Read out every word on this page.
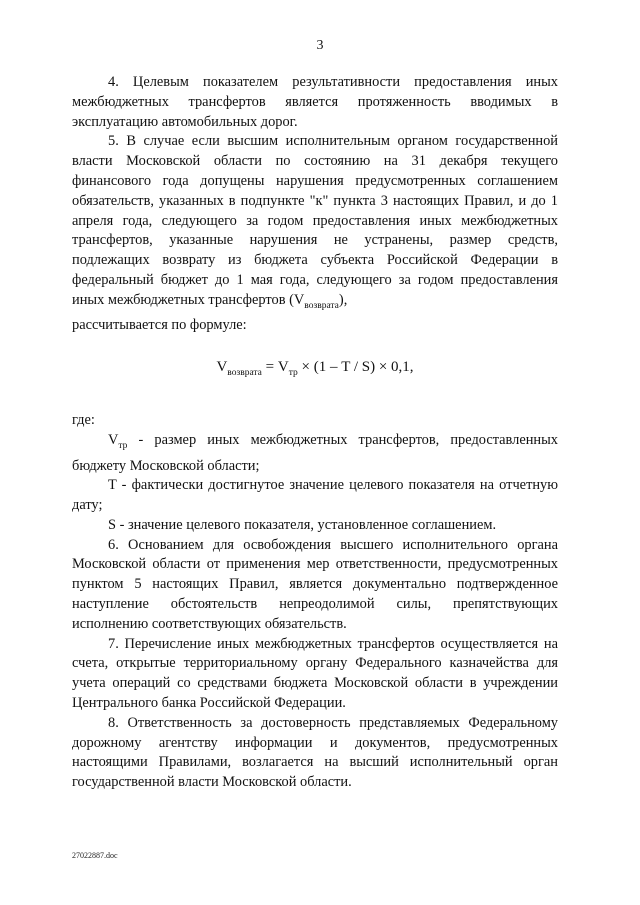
3

4. Целевым показателем результативности предоставления иных межбюджетных трансфертов является протяженность вводимых в эксплуатацию автомобильных дорог.

5. В случае если высшим исполнительным органом государственной власти Московской области по состоянию на 31 декабря текущего финансового года допущены нарушения предусмотренных соглашением обязательств, указанных в подпункте "к" пункта 3 настоящих Правил, и до 1 апреля года, следующего за годом предоставления иных межбюджетных трансфертов, указанные нарушения не устранены, размер средств, подлежащих возврату из бюджета субъекта Российской Федерации в федеральный бюджет до 1 мая года, следующего за годом предоставления иных межбюджетных трансфертов $(V_{возврата})$,

рассчитывается по формуле:

$V_{возврата} = V_{тр} \times (1 - T / S) \times 0,1$,

где:

$V_{тр}$ - размер иных межбюджетных трансфертов, предоставленных бюджету Московской области;

T - фактически достигнутое значение целевого показателя на отчетную дату;

S - значение целевого показателя, установленное соглашением.

6. Основанием для освобождения высшего исполнительного органа Московской области от применения мер ответственности, предусмотренных пунктом 5 настоящих Правил, является документально подтвержденное наступление обстоятельств непреодолимой силы, препятствующих исполнению соответствующих обязательств.

7. Перечисление иных межбюджетных трансфертов осуществляется на счета, открытые территориальному органу Федерального казначейства для учета операций со средствами бюджета Московской области в учреждении Центрального банка Российской Федерации.

8. Ответственность за достоверность представляемых Федеральному дорожному агентству информации и документов, предусмотренных настоящими Правилами, возлагается на высший исполнительный орган государственной власти Московской области.

27022887.doc
